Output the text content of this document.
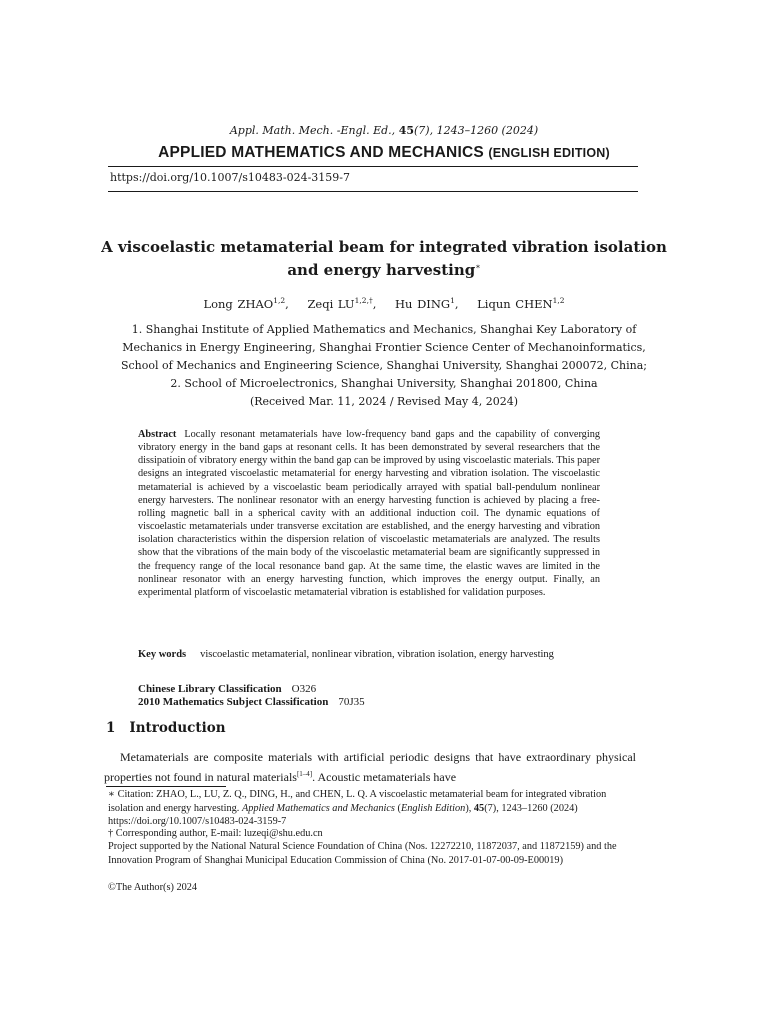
Appl. Math. Mech. -Engl. Ed., 45(7), 1243–1260 (2024)
APPLIED MATHEMATICS AND MECHANICS (ENGLISH EDITION)
https://doi.org/10.1007/s10483-024-3159-7
A viscoelastic metamaterial beam for integrated vibration isolation
and energy harvesting∗
Long ZHAO$^{1,2}$,    Zeqi $LU^{1,2,\dagger}$,    Hu DING$^1$,    Liqun CHEN$^{1,2}$
1. Shanghai Institute of Applied Mathematics and Mechanics, Shanghai Key Laboratory of
Mechanics in Energy Engineering, Shanghai Frontier Science Center of Mechanoinformatics,
School of Mechanics and Engineering Science, Shanghai University, Shanghai 200072, China;
2. School of Microelectronics, Shanghai University, Shanghai 201800, China
(Received Mar. 11, 2024 / Revised May 4, 2024)
Abstract Locally resonant metamaterials have low-frequency band gaps and the capability of converging vibratory energy in the band gaps at resonant cells. It has been demonstrated by several researchers that the dissipatioin of vibratory energy within the band gap can be improved by using viscoelastic materials. This paper designs an integrated viscoelastic metamaterial for energy harvesting and vibration isolation. The viscoelastic metamaterial is achieved by a viscoelastic beam periodically arrayed with spatial ball-pendulum nonlinear energy harvesters. The nonlinear resonator with an energy harvesting function is achieved by placing a free-rolling magnetic ball in a spherical cavity with an additional induction coil. The dynamic equations of viscoelastic metamaterials under transverse excitation are established, and the energy harvesting and vibration isolation characteristics within the dispersion relation of viscoelastic metamaterials are analyzed. The results show that the vibrations of the main body of the viscoelastic metamaterial beam are significantly suppressed in the frequency range of the local resonance band gap. At the same time, the elastic waves are limited in the nonlinear resonator with an energy harvesting function, which improves the energy output. Finally, an experimental platform of viscoelastic metamaterial vibration is established for validation purposes.
Key words viscoelastic metamaterial, nonlinear vibration, vibration isolation, energy harvesting
Chinese Library Classification O326
2010 Mathematics Subject Classification 70J35
1 Introduction
Metamaterials are composite materials with artificial periodic designs that have extraordinary physical properties not found in natural materials[1–4]. Acoustic metamaterials have
∗ Citation: ZHAO, L., LU, Z. Q., DING, H., and CHEN, L. Q. A viscoelastic metamaterial beam for integrated vibration isolation and energy harvesting. Applied Mathematics and Mechanics (English Edition), 45(7), 1243–1260 (2024) https://doi.org/10.1007/s10483-024-3159-7
† Corresponding author, E-mail: luzeqi@shu.edu.cn
Project supported by the National Natural Science Foundation of China (Nos. 12272210, 11872037, and 11872159) and the Innovation Program of Shanghai Municipal Education Commission of China (No. 2017-01-07-00-09-E00019)
©The Author(s) 2024
